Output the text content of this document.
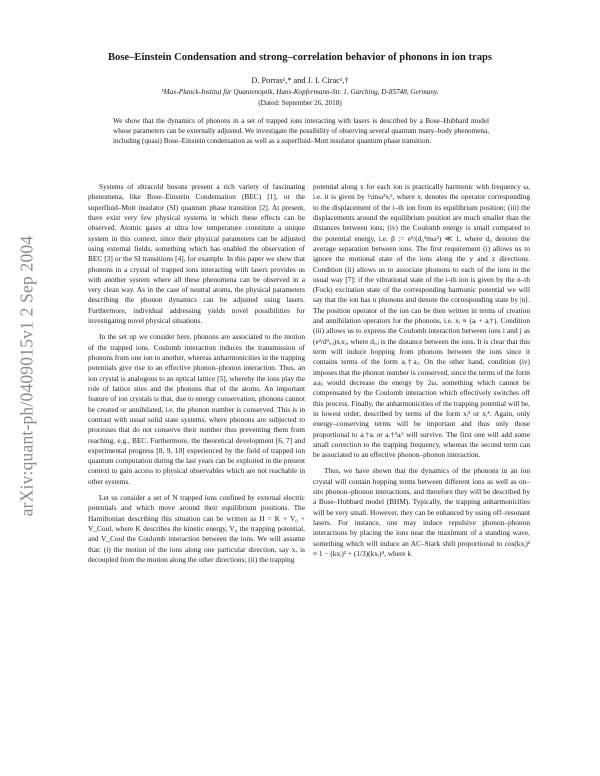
arXiv:quant-ph/0409015v1 2 Sep 2004
Bose–Einstein Condensation and strong–correlation behavior of phonons in ion traps
D. Porras¹,* and J. I. Cirac¹,†
¹Max-Planck-Institut für Quantenoptik, Hans-Kopfermann-Str. 1, Garching, D-85748, Germany.
(Dated: September 26, 2018)
We show that the dynamics of phonons in a set of trapped ions interacting with lasers is described by a Bose–Hubbard model whose parameters can be externally adjusted. We investigate the possibility of observing several quantum many–body phenomena, including (quasi) Bose–Einstein condensation as well as a superfluid–Mott insulator quantum phase transition.

Systems of ultracold bosons present a rich variety of fascinating phenomena, like Bose–Einstein Condensation (BEC) [1], or the superfluid–Mott insulator (SI) quantum phase transition [2]. At present, there exist very few physical systems in which these effects can be observed. Atomic gases at ultra low temperature constitute a unique system in this context, since their physical parameters can be adjusted using external fields, something which has enabled the observation of BEC [3] or the SI transitions [4], for example. In this paper we show that phonons in a crystal of trapped ions interacting with lasers provides us with another system where all these phenomena can be observed in a very clean way. As in the case of neutral atoms, the physical parameters describing the phonon dynamics can be adjusted using lasers. Furthermore, individual addressing yields novel possibilities for investigating novel physical situations.

In the set up we consider here, phonons are associated to the motion of the trapped ions. Coulomb interaction induces the transmission of phonons from one ion to another, whereas anharmonicities in the trapping potentials give rise to an effective phonon–phonon interaction. Thus, an ion crystal is analogous to an optical lattice [5], whereby the ions play the role of lattice sites and the phonons that of the atoms. An important feature of ion crystals is that, due to energy conservation, phonons cannot be created or annihilated, i.e. the phonon number is conserved. This is in contrast with usual solid state systems, where phonons are subjected to processes that do not conserve their number thus preventing them from reaching, e.g., BEC. Furthermore, the theoretical development [6, 7] and experimental progress [8, 9, 10] experienced by the field of trapped ion quantum computation during the last years can be exploited in the present context to gain access to physical observables which are not reachable in other systems.

Let us consider a set of N trapped ions confined by external electric potentials and which move around their equilibrium positions. The Hamiltonian describing this situation can be written as H = K + V₀ + V_Coul, where K describes the kinetic energy, V₀ the trapping potential, and V_Coul the Coulomb interaction between the ions. We will assume that: (i) the motion of the ions along one particular direction, say x, is decoupled from the motion along the other directions; (ii) the trapping

potential along x for each ion is practically harmonic with frequency ω, i.e. it is given by ½mω²xᵢ², where xᵢ denotes the operator corresponding to the displacement of the i–th ion from its equilibrium position; (iii) the displacements around the equilibrium position are much smaller than the distances between ions; (iv) the Coulomb energy is small compared to the potential energy, i.e. β := e²/(d₀³mω²) ≪ 1, where d₀ denotes the average separation between ions. The first requirement (i) allows us to ignore the motional state of the ions along the y and z directions. Condition (ii) allows us to associate phonons to each of the ions in the usual way [7]: if the vibrational state of the i–th ion is given by the n–th (Fock) excitation state of the corresponding harmonic potential we will say that the ion has n phonons and denote the corresponding state by |n⟩. The position operator of the ion can be then written in terms of creation and annihilation operators for the phonons, i.e. xᵢ ∝ (aᵢ + aᵢ†). Condition (iii) allows us to express the Coulomb interaction between ions i and j as (e²/d³ᵢ,ⱼ)xᵢxⱼ, where dᵢ,ⱼ is the distance between the ions. It is clear that this term will induce hopping from phonons between the ions since it contains terms of the form aᵢ†aⱼ. On the other hand, condition (iv) imposes that the phonon number is conserved, since the terms of the form aᵢaⱼ would decrease the energy by 2ω, something which cannot be compensated by the Coulomb interaction which effectively switches off this process. Finally, the anharmonicities of the trapping potential will be, in lowest order, described by terms of the form xᵢ³ or xᵢ⁴. Again, only energy–conserving terms will be important and thus only those proportional to aᵢ†aᵢ or aᵢ†²aᵢ² will survive. The first one will add some small correction to the trapping frequency, whereas the second term can be associated to an effective phonon–phonon interaction.

Thus, we have shown that the dynamics of the phonons in an ion crystal will contain hopping terms between different ions as well as on–site phonon–phonon interactions, and therefore they will be described by a Bose–Hubbard model (BHM). Typically, the trapping anharmonicities will be very small. However, they can be enhanced by using off–resonant lasers. For instance, one may induce repulsive phonon–phonon interactions by placing the ions near the maximum of a standing wave, something which will induce an AC–Stark shift proportional to cos(kxᵢ)² ≈ 1 − (kxᵢ)² + (1/3)(kxᵢ)⁴, where k
